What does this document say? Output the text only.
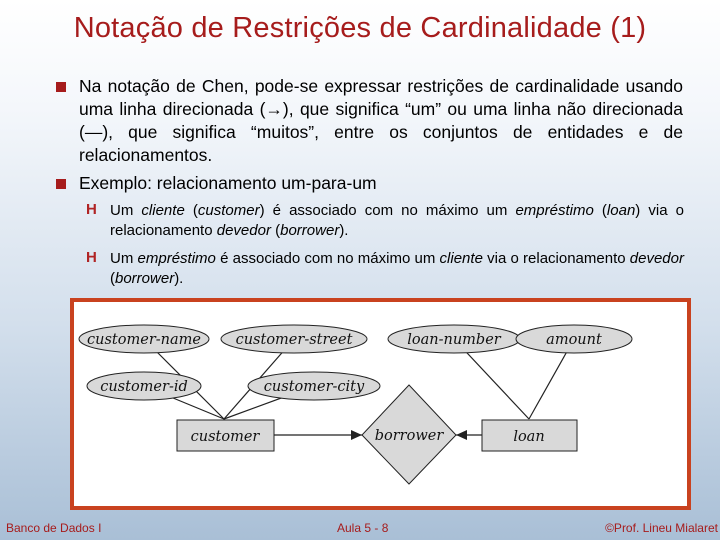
Notação de Restrições de Cardinalidade (1)
Na notação de Chen, pode-se expressar restrições de cardinalidade usando uma linha direcionada (→), que significa “um” ou uma linha não direcionada (—), que significa “muitos”, entre os conjuntos de entidades e de relacionamentos.
Exemplo: relacionamento um-para-um
H Um cliente (customer) é associado com no máximo um empréstimo (loan) via o relacionamento devedor (borrower).
H Um empréstimo é associado com no máximo um cliente via o relacionamento devedor (borrower).
customer-name customer-street
customer-id	customer-city
loan-number	amount
customer	loan
borrower
Banco de Dados I	Aula 5 - 8	©Prof. Lineu Mialaret
